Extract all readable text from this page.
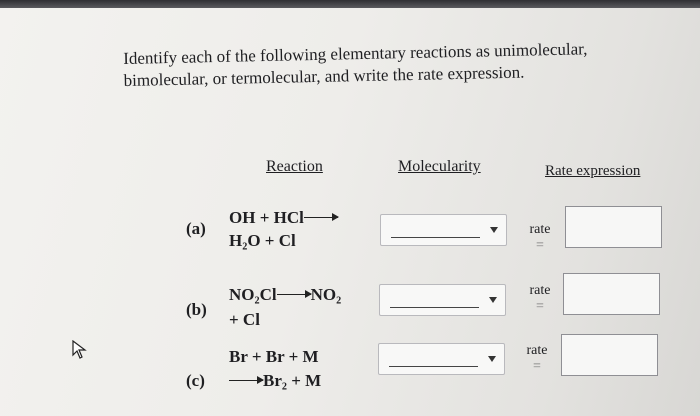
Identify each of the following elementary reactions as unimolecular,
bimolecular, or termolecular, and write the rate expression.
Reaction	Molecularity	Rate expression
(a)
OH + HCl
H₂O + Cl
rate
=
(b)
NO₂Cl NO₂
+ Cl
rate
=
(c)
Br + Br + M
Br₂ + M
rate
=
